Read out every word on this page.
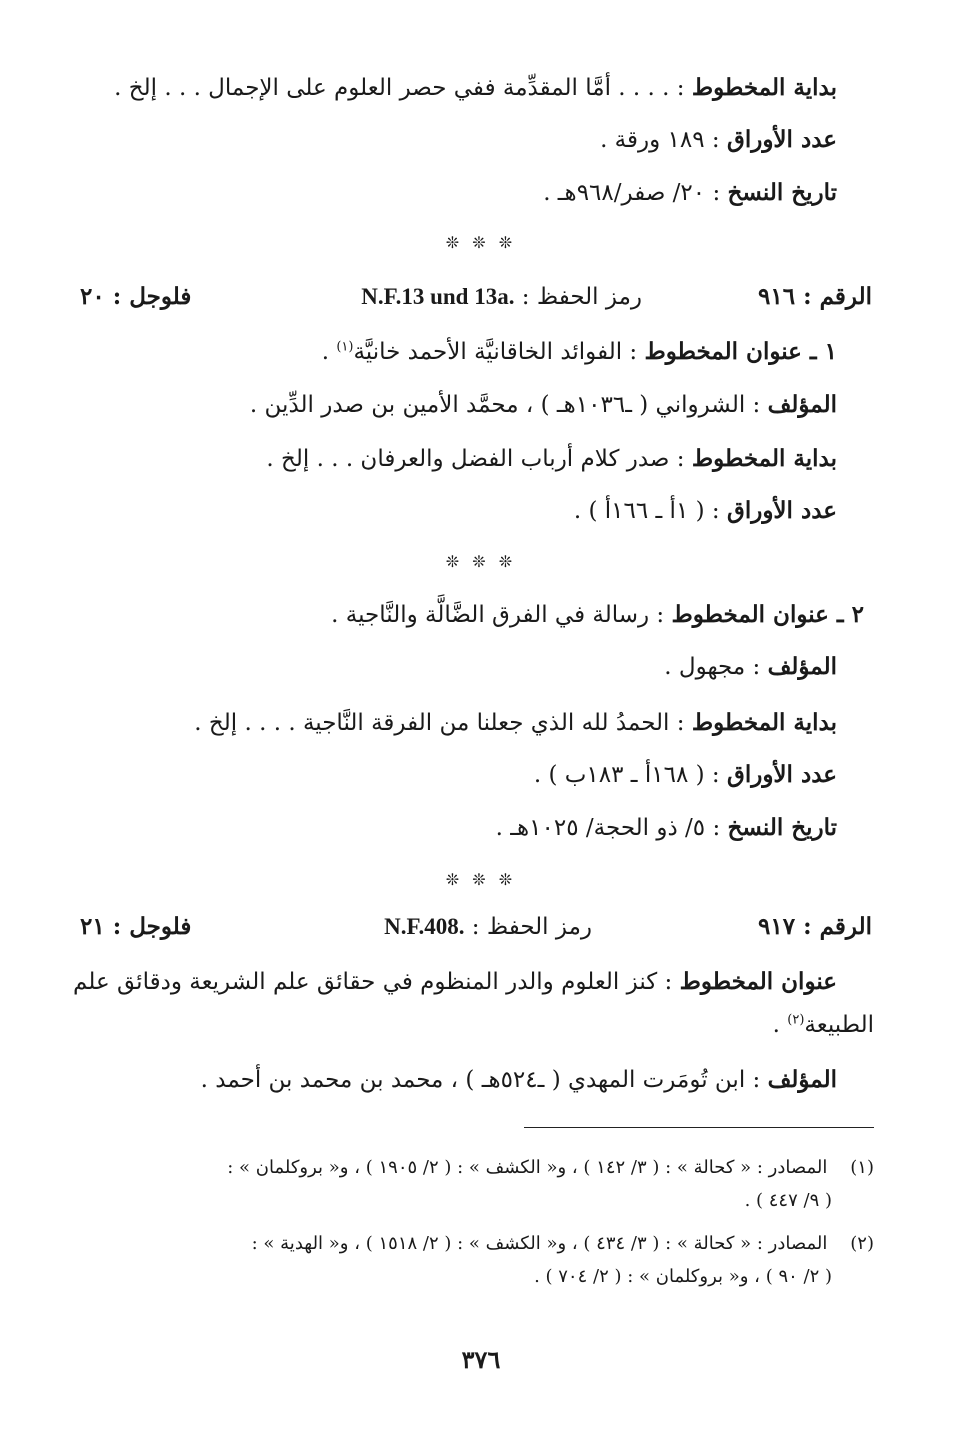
بداية المخطوط : . . . . أمَّا المقدِّمة ففي حصر العلوم على الإجمال . . . إلخ .
عدد الأوراق : ١٨٩ ورقة .
تاريخ النسخ : ٢٠/ صفر/٩٦٨هـ .
❊ ❊ ❊
الرقم : ٩١٦
رمز الحفظ : N.F.13 und 13a.
فلوجل : ٢٠
١ ـ عنوان المخطوط : الفوائد الخاقانيَّة الأحمد خانيَّة$^{(١)}$ .
المؤلف : الشرواني ( ـ١٠٣٦هـ ) ، محمَّد الأمين بن صدر الدِّين .
بداية المخطوط : صدر كلام أرباب الفضل والعرفان . . . إلخ .
عدد الأوراق : ( ١أ ـ ١٦٦أ ) .
❊ ❊ ❊
٢ ـ عنوان المخطوط : رسالة في الفرق الضَّالَّة والنَّاجية .
المؤلف : مجهول .
بداية المخطوط : الحمدُ لله الذي جعلنا من الفرقة النَّاجية . . . . إلخ .
عدد الأوراق : ( ١٦٨أ ـ ١٨٣ب ) .
تاريخ النسخ : ٥/ ذو الحجة/ ١٠٢٥هـ .
❊ ❊ ❊
الرقم : ٩١٧
رمز الحفظ : N.F.408.
فلوجل : ٢١
عنوان المخطوط : كنز العلوم والدر المنظوم في حقائق علم الشريعة ودقائق علم
الطبيعة$^{(٢)}$ .
المؤلف : ابن تُومَرت المهدي ( ـ٥٢٤هـ ) ، محمد بن محمد بن أحمد .
(١)    المصادر : « كحالة » : ( ٣/ ١٤٢ ) ، و« الكشف » : ( ٢/ ١٩٠٥ ) ، و« بروكلمان » :
( ٩/ ٤٤٧ ) .
(٢)    المصادر : « كحالة » : ( ٣/ ٤٣٤ ) ، و« الكشف » : ( ٢/ ١٥١٨ ) ، و« الهدية » :
( ٢/ ٩٠ ) ، و« بروكلمان » : ( ٢/ ٧٠٤ ) .
٣٧٦
